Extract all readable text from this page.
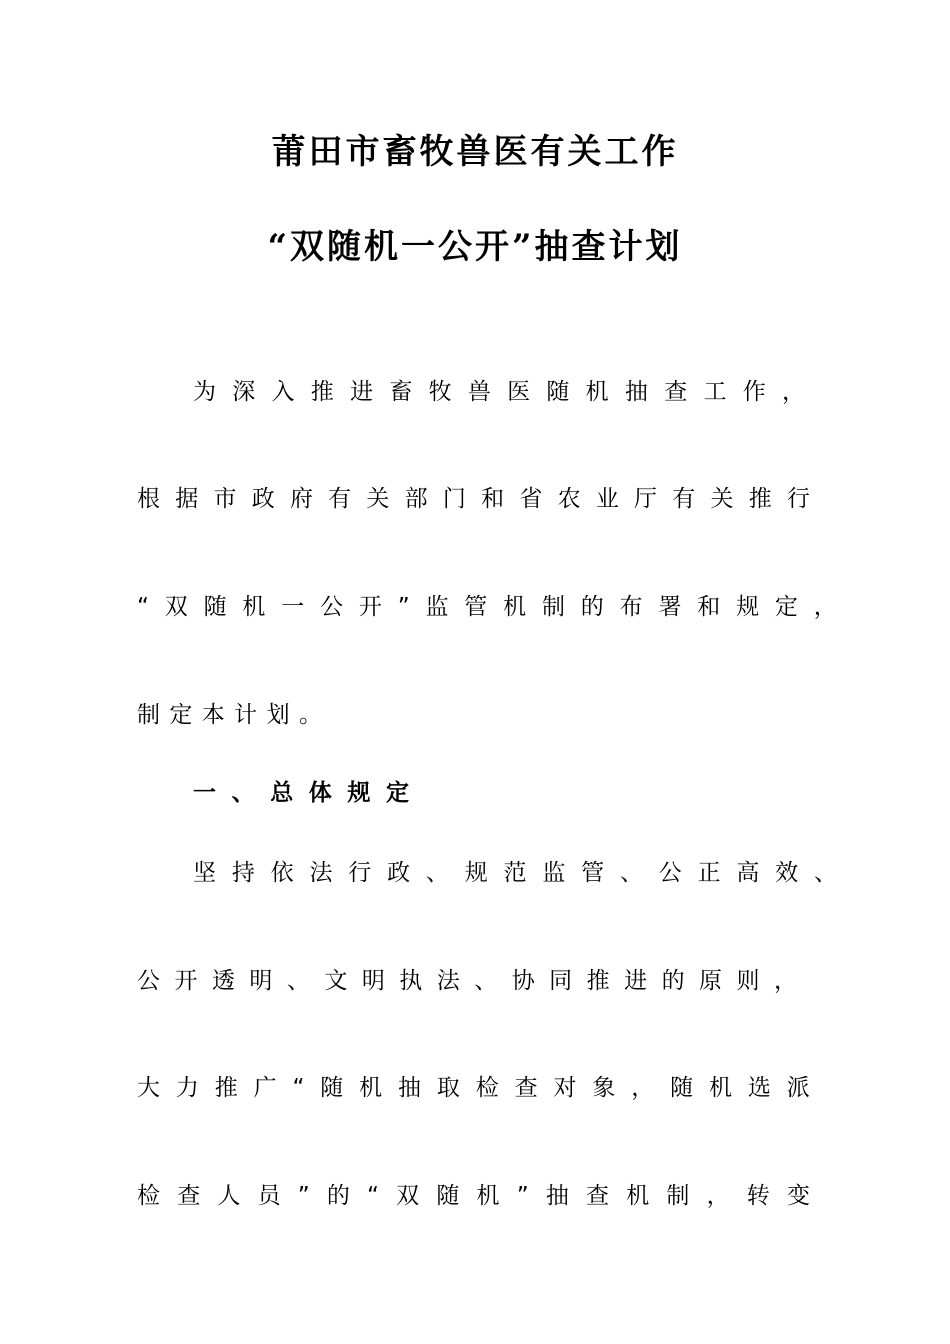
莆田市畜牧兽医有关工作
“双随机一公开”抽查计划

为 深 入 推 进 畜 牧 兽 医 随 机 抽 查 工 作 ，

根 据 市 政 府 有 关 部 门 和 省 农 业 厅 有 关 推 行

“ 双 随 机 一 公 开 ” 监 管 机 制 的 布 署 和 规 定 ，

制 定 本 计 划 。

一 、 总 体 规 定

坚 持 依 法 行 政 、 规 范 监 管 、 公 正 高 效 、

公 开 透 明 、 文 明 执 法 、 协 同 推 进 的 原 则 ，

大 力 推 广 “ 随 机 抽 取 检 查 对 象 ， 随 机 选 派

检 查 人 员 ” 的 “ 双 随 机 ” 抽 查 机 制 ， 转 变
